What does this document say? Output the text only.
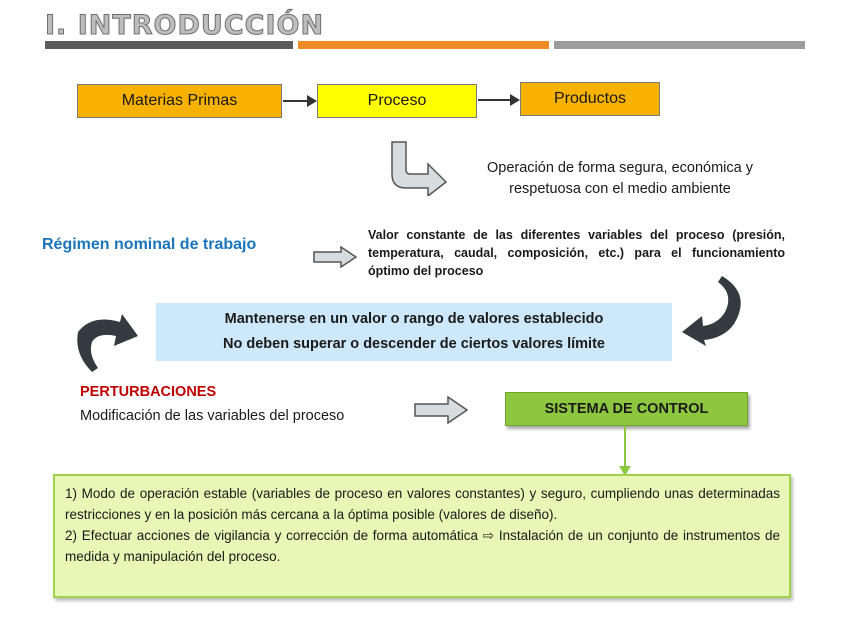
I. INTRODUCCIÓN
Materias Primas	Proceso	Productos
Operación de forma segura, económica y respetuosa con el medio ambiente
Régimen nominal de trabajo
Valor constante de las diferentes variables del proceso (presión, temperatura, caudal, composición, etc.) para el funcionamiento óptimo del proceso
Mantenerse en un valor o rango de valores establecido
No deben superar o descender de ciertos valores límite
PERTURBACIONES
Modificación de las variables del proceso	SISTEMA DE CONTROL
1) Modo de operación estable (variables de proceso en valores constantes) y seguro, cumpliendo unas determinadas restricciones y en la posición más cercana a la óptima posible (valores de diseño).
2) Efectuar acciones de vigilancia y corrección de forma automática ⇨ Instalación de un conjunto de instrumentos de medida y manipulación del proceso.
